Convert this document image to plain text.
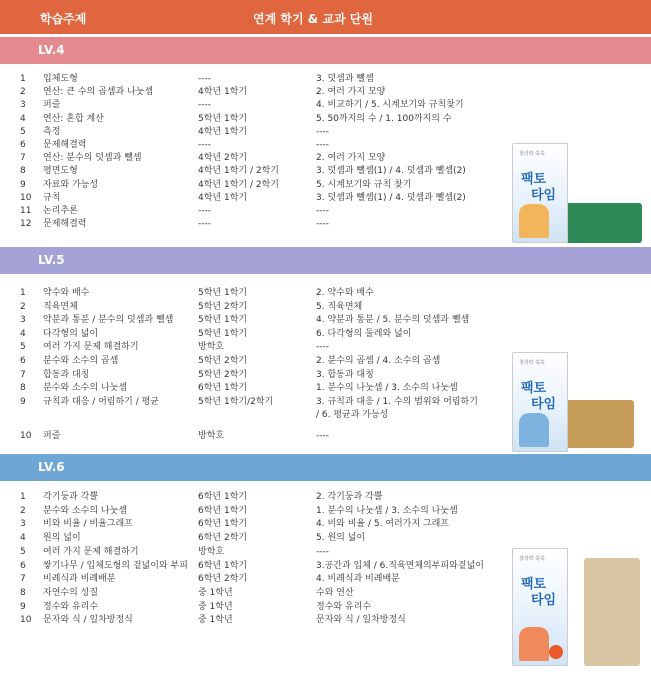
학습주제	연계 학기 & 교과 단원
LV.4
1 입체도형	----	3. 덧셈과 뺄셈
2 연산: 큰 수의 곱셈과 나눗셈	4학년 1학기	2. 여러 가지 모양
3 퍼즐	----	4. 비교하기 / 5. 시계보기와 규칙찾기
4 연산: 혼합 계산	5학년 1학기	5. 50까지의 수 / 1. 100까지의 수
5 측정	4학년 1학기	----
6 문제해결력	----	----
7 연산: 분수의 덧셈과 뺄셈	4학년 2학기	2. 여러 가지 모양
8 평면도형	4학년 1학기 / 2학기	3. 덧셈과 뺄셈(1) / 4. 덧셈과 뺄셈(2)
9 자료와 가능성	4학년 1학기 / 2학기	5. 시계보기와 규칙 찾기
10 규칙	4학년 1학기	3. 덧셈과 뺄셈(1) / 4. 덧셈과 뺄셈(2)
11 논리추론	----	----
12 문제해결력	----	----
LV.5
1 약수와 배수	5학년 1학기	2. 약수와 배수
2 직육면체	5학년 2학기	5. 직육면체
3 약분과 통분 / 분수의 덧셈과 뺄셈	5학년 1학기	4. 약분과 통분 / 5. 분수의 덧셈과 뺄셈
4 다각형의 넓이	5학년 1학기	6. 다각형의 둘레와 넓이
5 여러 가지 문제 해결하기	방학호	----
6 분수와 소수의 곱셈	5학년 2학기	2. 분수의 곱셈 / 4. 소수의 곱셈
7 합동과 대칭	5학년 2학기	3. 합동과 대칭
8 분수와 소수의 나눗셈	6학년 1학기	1. 분수의 나눗셈 / 3. 소수의 나눗셈
9 규칙과 대응 / 어림하기 / 평균	5학년 1학기/2학기	3. 규칙과 대응 / 1. 수의 범위와 어림하기
/ 6. 평균과 가능성
10 퍼즐	방학호	----
LV.6
1 각기둥과 각뿔	6학년 1학기	2. 각기둥과 각뿔
2 분수와 소수의 나눗셈	6학년 1학기	1. 분수의 나눗셈 / 3. 소수의 나눗셈
3 비와 비율 / 비율그래프	6학년 1학기	4. 비와 비율 / 5. 여러가지 그래프
4 원의 넓이	6학년 2학기	5. 원의 넓이
5 여러 가지 문제 해결하기	방학호	----
6 쌓기나무 / 입체도형의 겉넓이와 부피 6학년 1학기	3.공간과 입체 / 6.직육면체의부피와겉넓이
7 비례식과 비례배분	6학년 2학기	4. 비례식과 비례배분
8 자연수의 성질	중 1학년	수와 연산
9 정수와 유리수	중 1학년	정수와 유리수
10 문자와 식 / 일차방정식	중 1학년	문자와 식 / 일차방정식
창의력 쑥쑥
팩토
타임
창의력 쑥쑥
팩토
타임
창의력 쑥쑥
팩토
타임
